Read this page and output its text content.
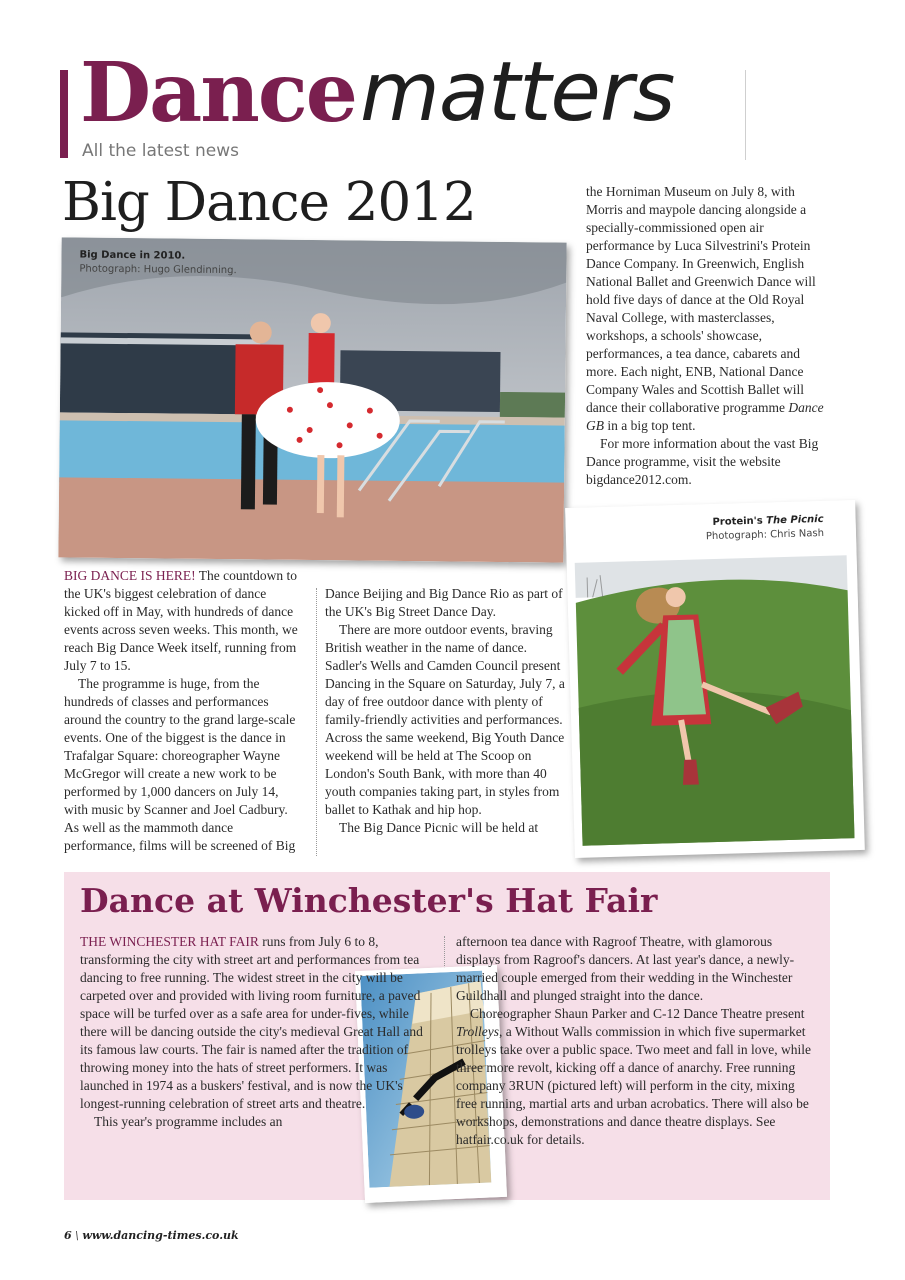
Dance matters
All the latest news
Big Dance 2012
Big Dance in 2010.
Photograph: Hugo Glendinning.
Protein's The Picnic
Photograph: Chris Nash

BIG DANCE IS HERE! The countdown to the UK's biggest celebration of dance kicked off in May, with hundreds of dance events across seven weeks. This month, we reach Big Dance Week itself, running from July 7 to 15.

The programme is huge, from the hundreds of classes and performances around the country to the grand large-scale events. One of the biggest is the dance in Trafalgar Square: choreographer Wayne McGregor will create a new work to be performed by 1,000 dancers on July 14, with music by Scanner and Joel Cadbury. As well as the mammoth dance performance, films will be screened of Big

Dance Beijing and Big Dance Rio as part of the UK's Big Street Dance Day.

There are more outdoor events, braving British weather in the name of dance. Sadler's Wells and Camden Council present Dancing in the Square on Saturday, July 7, a day of free outdoor dance with plenty of family-friendly activities and performances. Across the same weekend, Big Youth Dance weekend will be held at The Scoop on London's South Bank, with more than 40 youth companies taking part, in styles from ballet to Kathak and hip hop.

The Big Dance Picnic will be held at

the Horniman Museum on July 8, with Morris and maypole dancing alongside a specially-commissioned open air performance by Luca Silvestrini's Protein Dance Company. In Greenwich, English National Ballet and Greenwich Dance will hold five days of dance at the Old Royal Naval College, with masterclasses, workshops, a schools' showcase, performances, a tea dance, cabarets and more. Each night, ENB, National Dance Company Wales and Scottish Ballet will dance their collaborative programme Dance GB in a big top tent.

For more information about the vast Big Dance programme, visit the website bigdance2012.com.

Dance at Winchester's Hat Fair

THE WINCHESTER HAT FAIR runs from July 6 to 8, transforming the city with street art and performances from tea dancing to free running. The widest street in the city will be carpeted over and provided with living room furniture, a paved space will be turfed over as a safe area for under-fives, while there will be dancing outside the city's medieval Great Hall and its famous law courts. The fair is named after the tradition of throwing money into the hats of street performers. It was launched in 1974 as a buskers' festival, and is now the UK's longest-running celebration of street arts and theatre.

This year's programme includes an

afternoon tea dance with Ragroof Theatre, with glamorous displays from Ragroof's dancers. At last year's dance, a newly-married couple emerged from their wedding in the Winchester Guildhall and plunged straight into the dance.

Choreographer Shaun Parker and C-12 Dance Theatre present Trolleys, a Without Walls commission in which five supermarket trolleys take over a public space. Two meet and fall in love, while three more revolt, kicking off a dance of anarchy. Free running company 3RUN (pictured left) will perform in the city, mixing free running, martial arts and urban acrobatics. There will also be workshops, demonstrations and dance theatre displays. See hatfair.co.uk for details.

6 \ www.dancing-times.co.uk
